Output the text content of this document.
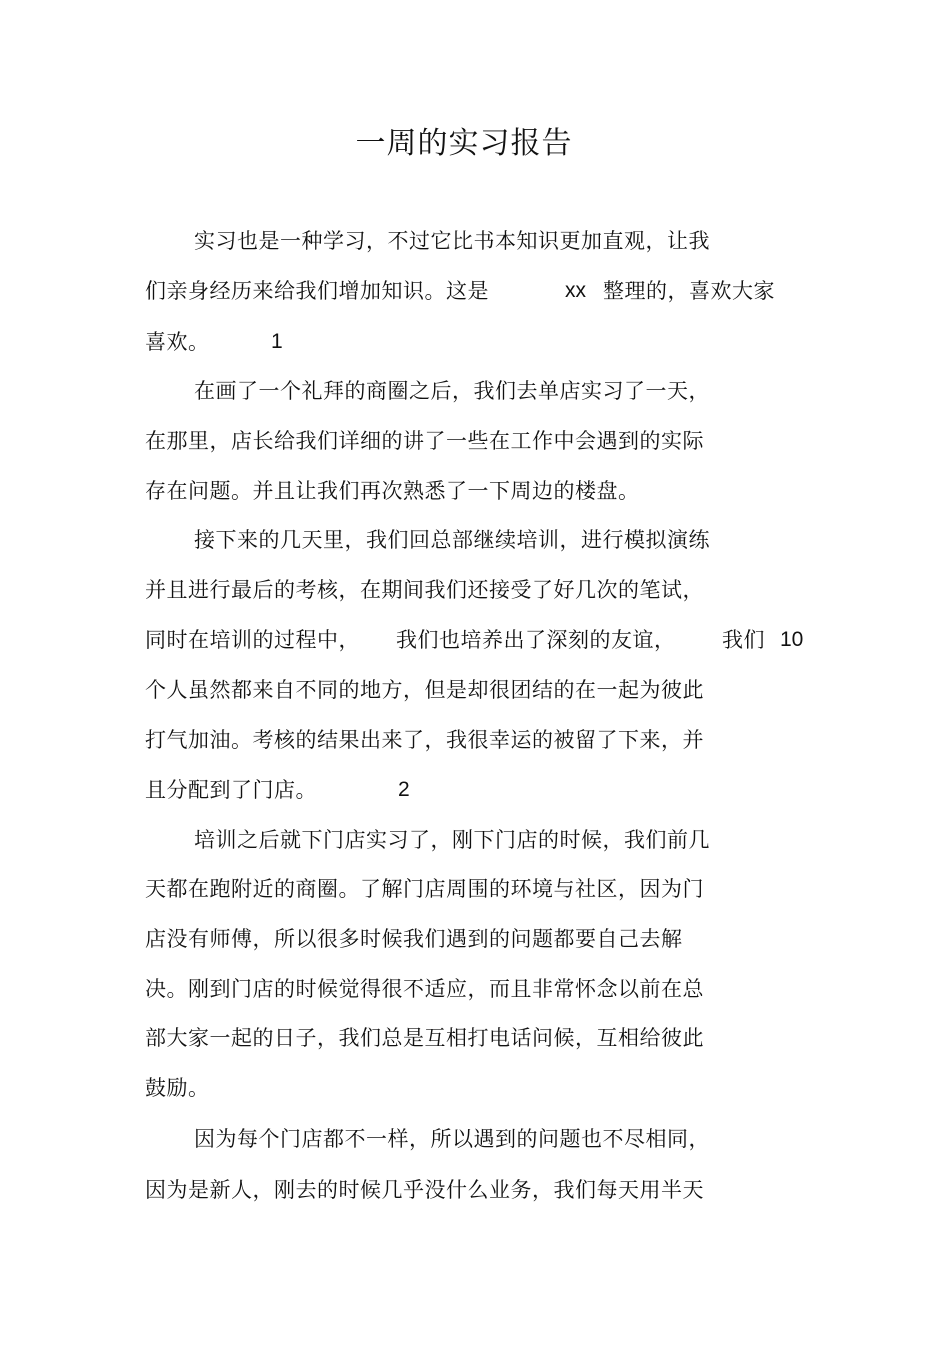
一周的实习报告
实习也是一种学习，不过它比书本知识更加直观，让我
们亲身经历来给我们增加知识。这是	xx 整理的，喜欢大家
喜欢。	1
在画了一个礼拜的商圈之后，我们去单店实习了一天，
在那里，店长给我们详细的讲了一些在工作中会遇到的实际
存在问题。并且让我们再次熟悉了一下周边的楼盘。
接下来的几天里，我们回总部继续培训，进行模拟演练
并且进行最后的考核，在期间我们还接受了好几次的笔试，
同时在培训的过程中， 我们也培养出了深刻的友谊， 我们 10
个人虽然都来自不同的地方，但是却很团结的在一起为彼此
打气加油。考核的结果出来了，我很幸运的被留了下来，并
且分配到了门店。	2
培训之后就下门店实习了，刚下门店的时候，我们前几
天都在跑附近的商圈。了解门店周围的环境与社区，因为门
店没有师傅，所以很多时候我们遇到的问题都要自己去解
决。刚到门店的时候觉得很不适应，而且非常怀念以前在总
部大家一起的日子，我们总是互相打电话问候，互相给彼此
鼓励。
因为每个门店都不一样，所以遇到的问题也不尽相同，
因为是新人，刚去的时候几乎没什么业务，我们每天用半天
